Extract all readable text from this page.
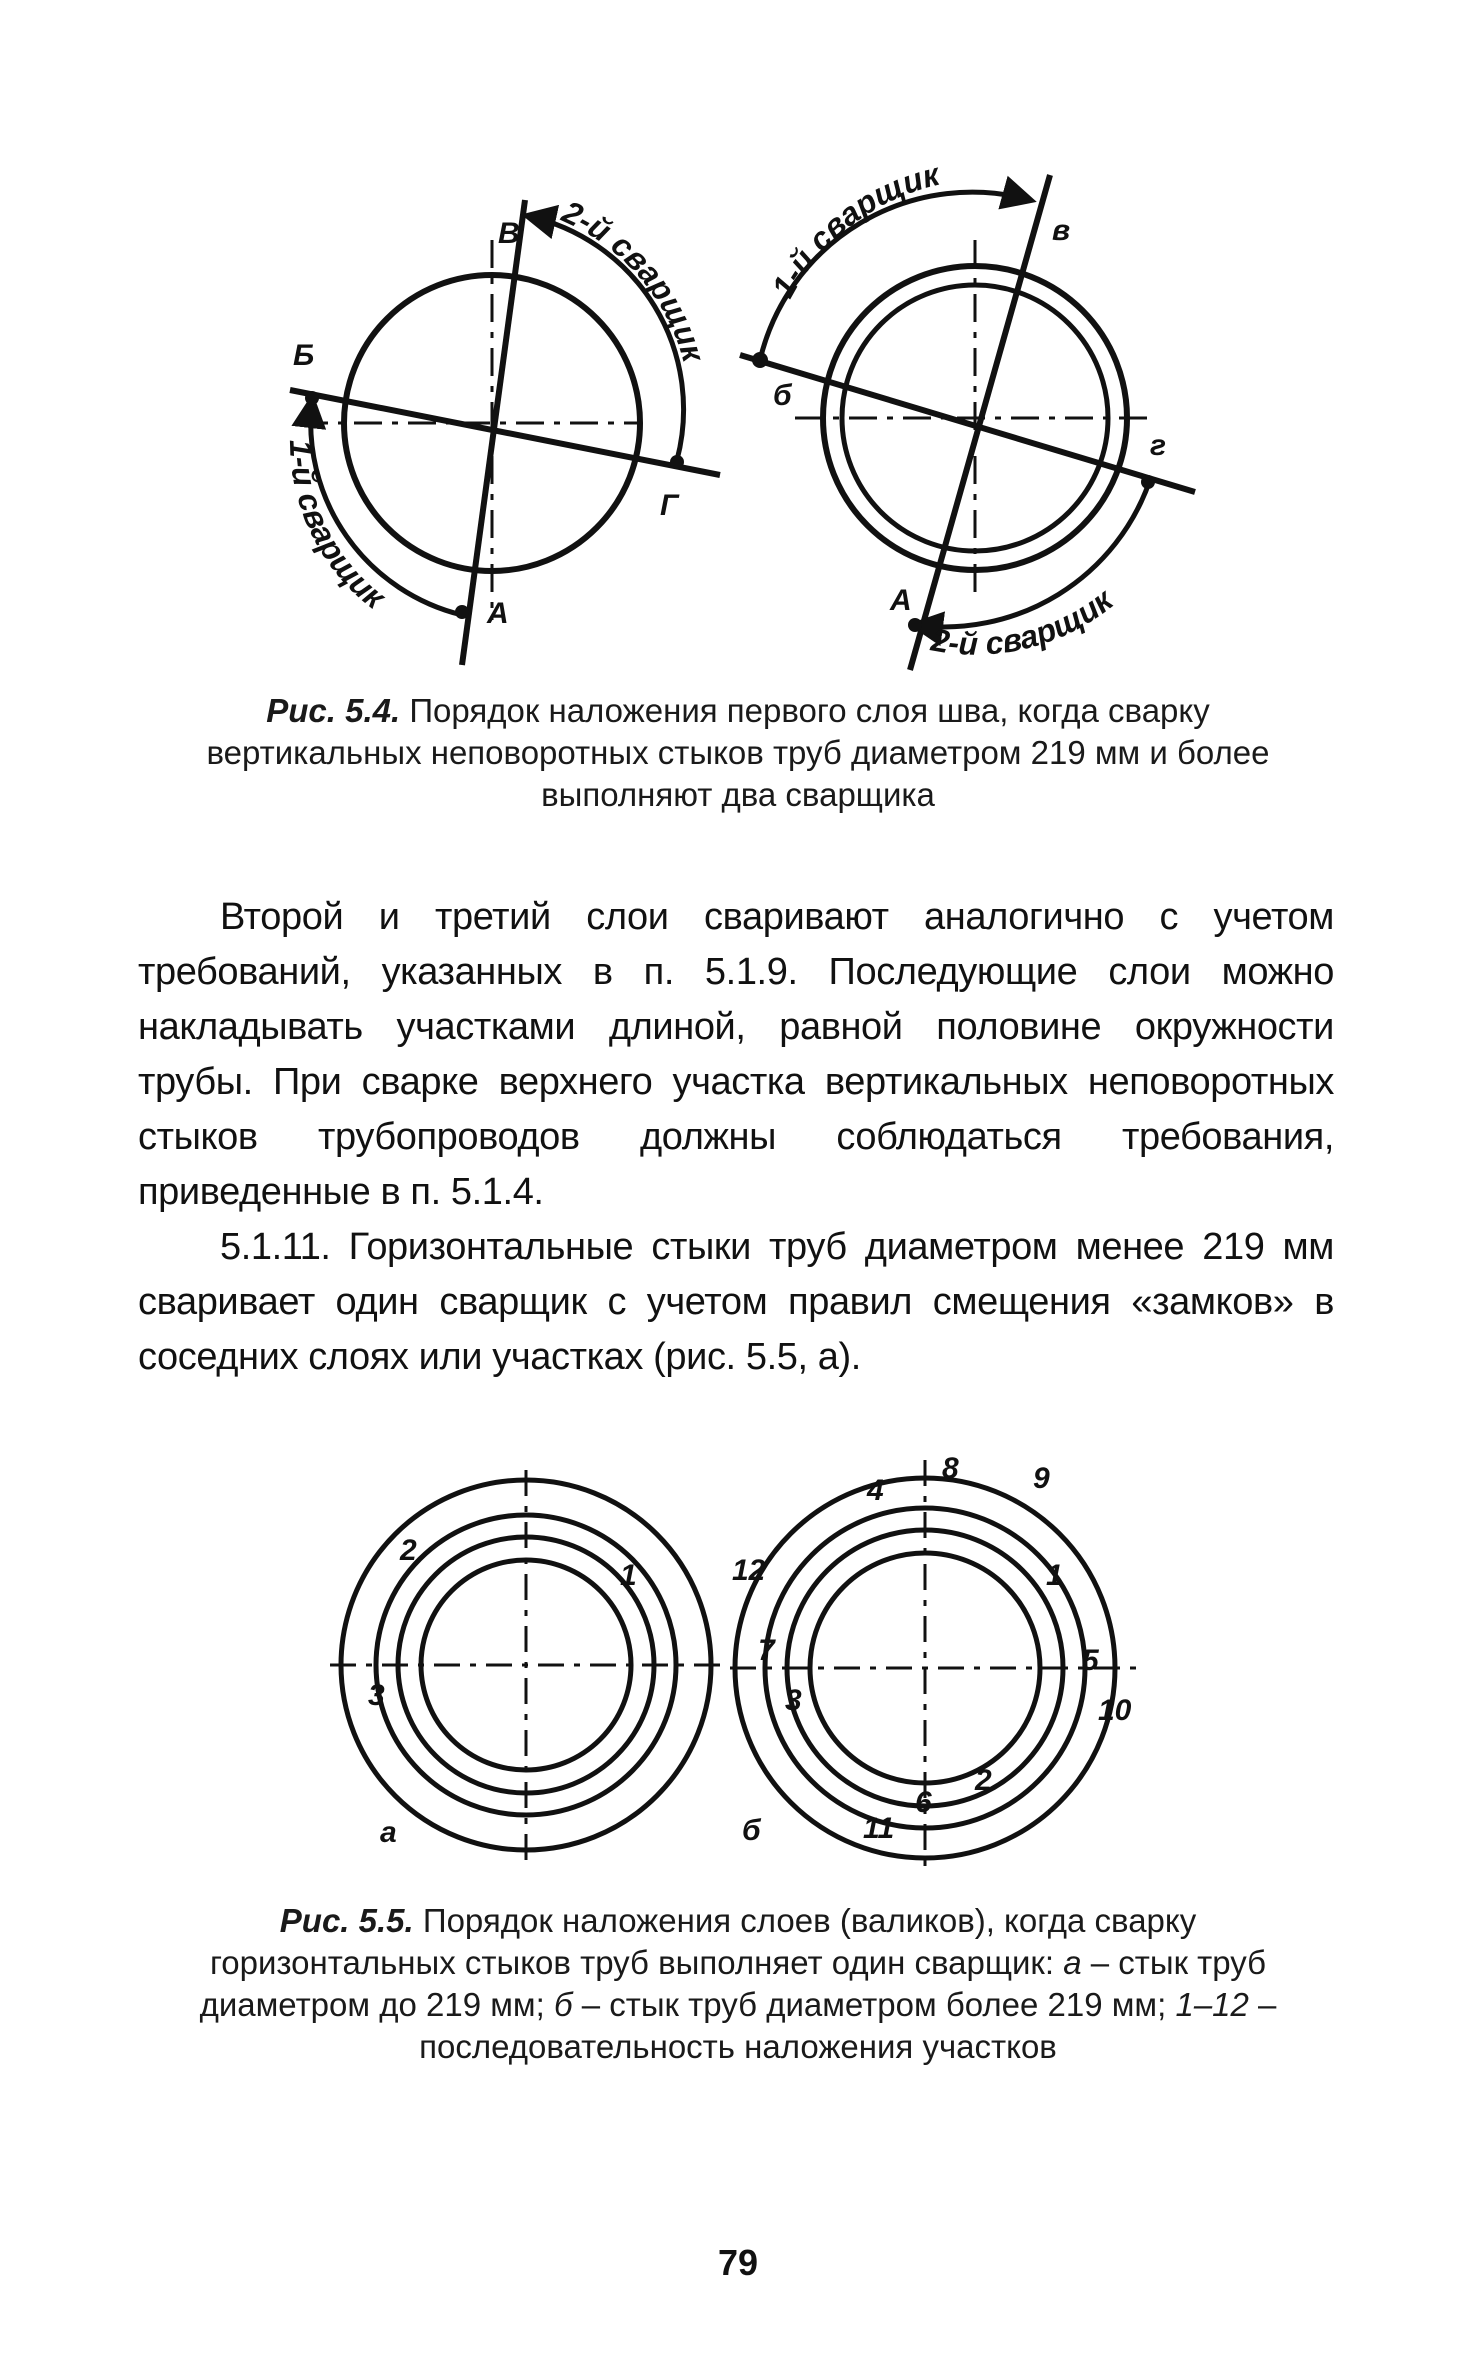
Б
В
Г
А
1-й сварщик
2-й сварщик
б
в
г
А
1-й сварщик
2-й сварщик
Рис. 5.4. Порядок наложения первого слоя шва, когда сварку вертикальных неповоротных стыков труб диаметром 219 мм и более выполняют два сварщика

Второй и третий слои сваривают аналогично с учетом требований, указанных в п. 5.1.9. Последующие слои можно накладывать участками длиной, равной половине окружности трубы. При сварке верхнего участка вертикальных неповоротных стыков трубопроводов должны соблюдаться требования, приведенные в п. 5.1.4.

5.1.11. Горизонтальные стыки труб диаметром менее 219 мм сваривает один сварщик с учетом правил смещения «замков» в соседних слоях или участках (рис. 5.5, а).

1
2
3
а
1
2
3
4
5
6
7
8 9
10
11
12
б
Рис. 5.5. Порядок наложения слоев (валиков), когда сварку горизонтальных стыков труб выполняет один сварщик: а – стык труб диаметром до 219 мм; б – стык труб диаметром более 219 мм; 1–12 – последовательность наложения участков
79
